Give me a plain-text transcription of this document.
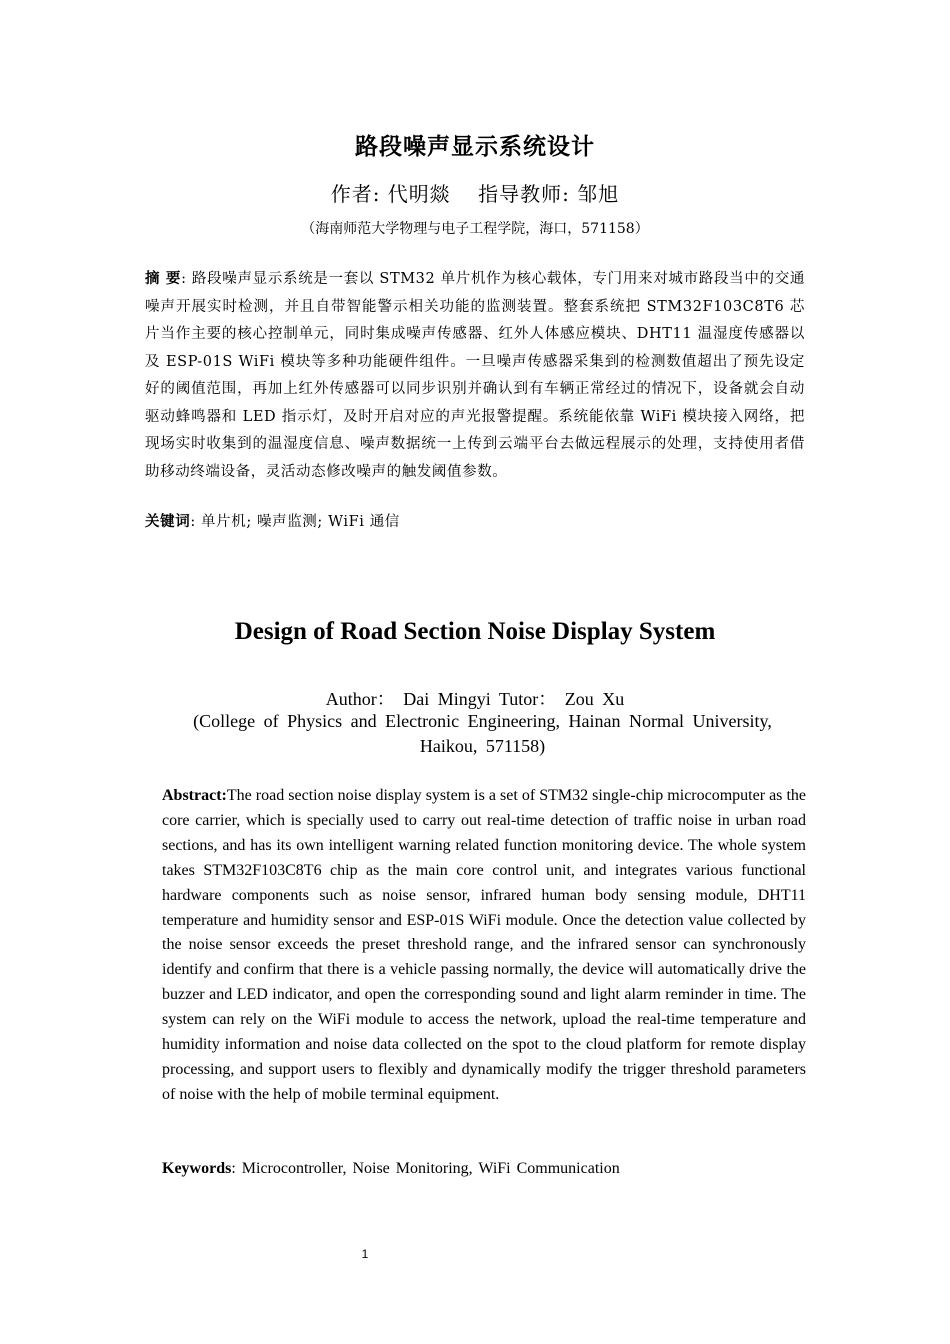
路段噪声显示系统设计
作者: 代明燚 指导教师: 邹旭
（海南师范大学物理与电子工程学院，海口，571158）
摘 要: 路段噪声显示系统是一套以 STM32 单片机作为核心载体，专门用来对城市路段当中的交通噪声开展实时检测，并且自带智能警示相关功能的监测装置。整套系统把 STM32F103C8T6 芯片当作主要的核心控制单元，同时集成噪声传感器、红外人体感应模块、DHT11 温湿度传感器以及 ESP-01S WiFi 模块等多种功能硬件组件。一旦噪声传感器采集到的检测数值超出了预先设定好的阈值范围，再加上红外传感器可以同步识别并确认到有车辆正常经过的情况下，设备就会自动驱动蜂鸣器和 LED 指示灯，及时开启对应的声光报警提醒。系统能依靠 WiFi 模块接入网络，把现场实时收集到的温湿度信息、噪声数据统一上传到云端平台去做远程展示的处理，支持使用者借助移动终端设备，灵活动态修改噪声的触发阈值参数。
关键词: 单片机; 噪声监测; WiFi 通信
Design of Road Section Noise Display System
Author： Dai Mingyi Tutor： Zou Xu
(College of Physics and Electronic Engineering, Hainan Normal University, Haikou, 571158)
Abstract:The road section noise display system is a set of STM32 single-chip microcomputer as the core carrier, which is specially used to carry out real-time detection of traffic noise in urban road sections, and has its own intelligent warning related function monitoring device. The whole system takes STM32F103C8T6 chip as the main core control unit, and integrates various functional hardware components such as noise sensor, infrared human body sensing module, DHT11 temperature and humidity sensor and ESP-01S WiFi module. Once the detection value collected by the noise sensor exceeds the preset threshold range, and the infrared sensor can synchronously identify and confirm that there is a vehicle passing normally, the device will automatically drive the buzzer and LED indicator, and open the corresponding sound and light alarm reminder in time. The system can rely on the WiFi module to access the network, upload the real-time temperature and humidity information and noise data collected on the spot to the cloud platform for remote display processing, and support users to flexibly and dynamically modify the trigger threshold parameters of noise with the help of mobile terminal equipment.
Keywords: Microcontroller, Noise Monitoring, WiFi Communication
1
